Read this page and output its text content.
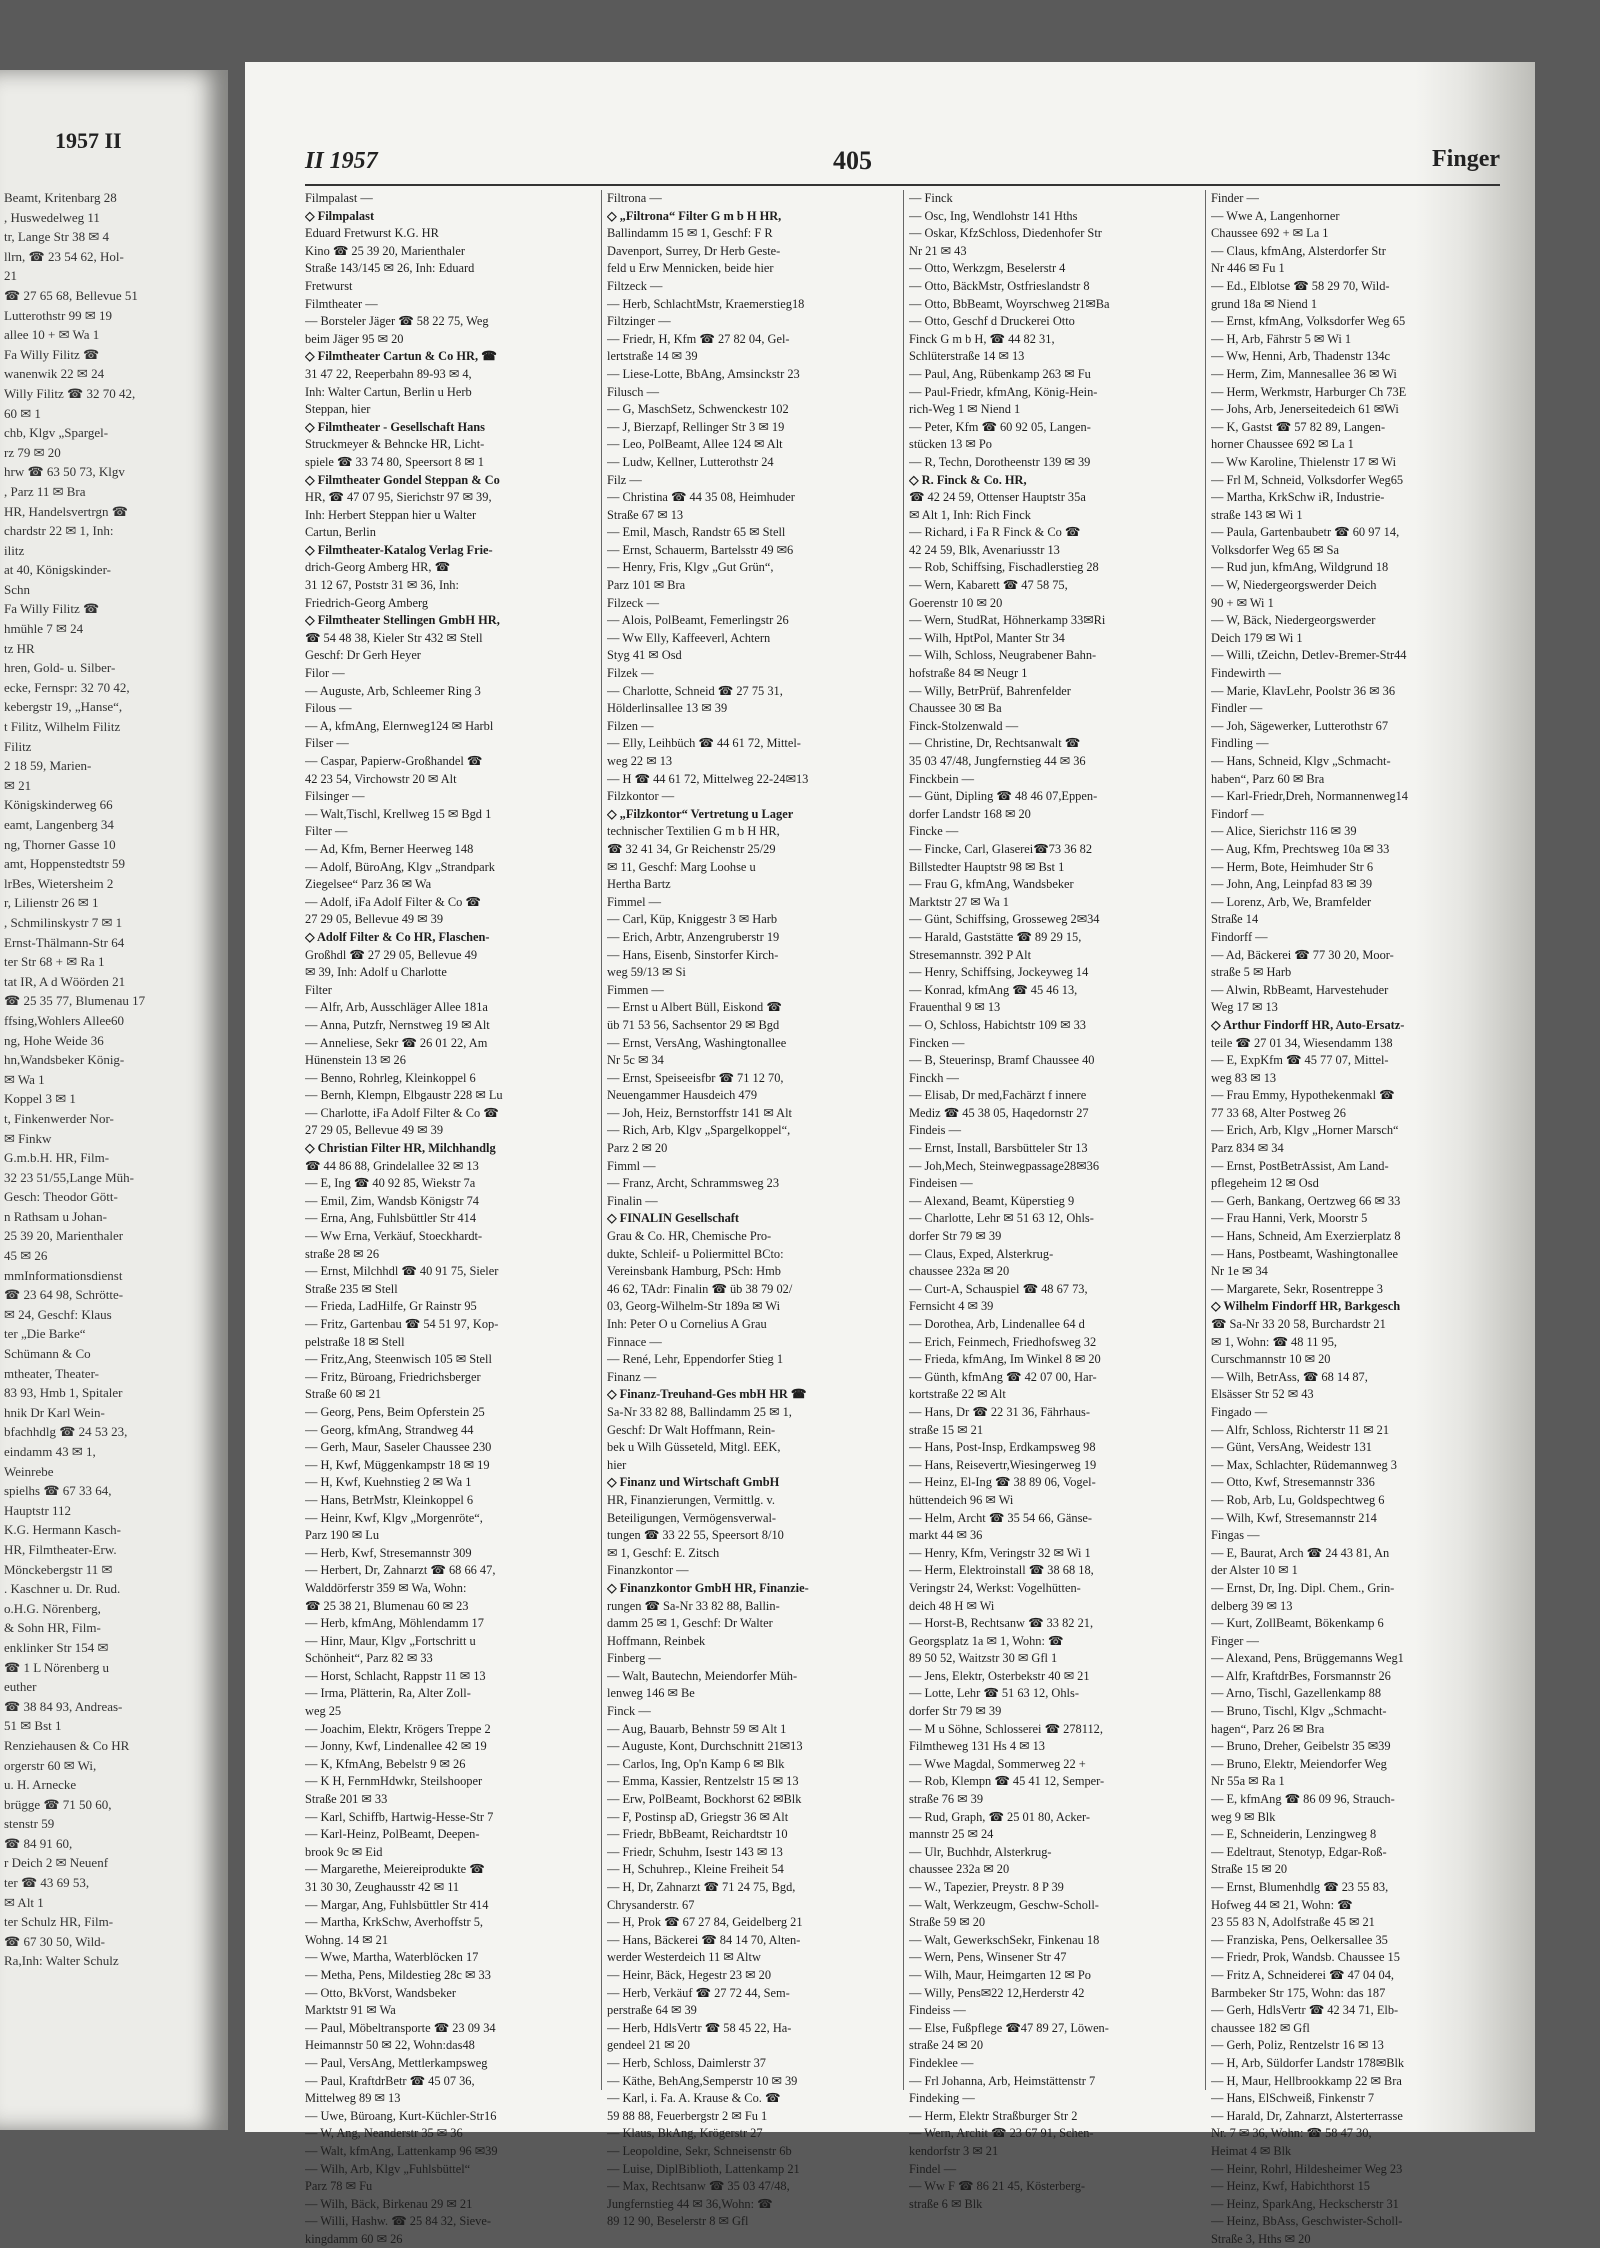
1957 II
Beamt, Kritenbarg 28
, Huswedelweg 11
tr, Lange Str 38 ✉ 4
llrn, ☎ 23 54 62, Hol-
21
☎ 27 65 68, Bellevue 51
Lutterothstr 99 ✉ 19
allee 10 + ✉ Wa 1
Fa Willy Filitz ☎
wanenwik 22 ✉ 24
Willy Filitz ☎ 32 70 42,
60 ✉ 1
chb, Klgv „Spargel-
rz 79 ✉ 20
hrw ☎ 63 50 73, Klgv
, Parz 11 ✉ Bra
HR, Handelsvertrgn ☎
chardstr 22 ✉ 1, Inh:
ilitz
at 40, Königskinder-
Schn
Fa Willy Filitz ☎
hmühle 7 ✉ 24
tz HR
hren, Gold- u. Silber-
ecke, Fernspr: 32 70 42,
kebergstr 19, „Hanse“,
t Filitz, Wilhelm Filitz
Filitz
2 18 59, Marien-
✉ 21
Königskinderweg 66
eamt, Langenberg 34
ng, Thorner Gasse 10
amt, Hoppenstedtstr 59
lrBes, Wietersheim 2
r, Lilienstr 26 ✉ 1
, Schmilinskystr 7 ✉ 1
Ernst-Thälmann-Str 64
ter Str 68 + ✉ Ra 1
tat IR, A d Wöörden 21
☎ 25 35 77, Blumenau 17
ffsing,Wohlers Allee60
ng, Hohe Weide 36
hn,Wandsbeker König-
✉ Wa 1
Koppel 3 ✉ 1
t, Finkenwerder Nor-
✉ Finkw
G.m.b.H. HR, Film-
32 23 51/55,Lange Müh-
Gesch: Theodor Gött-
n Rathsam u Johan-
25 39 20, Marienthaler
45 ✉ 26
mmInformationsdienst
☎ 23 64 98, Schrötte-
✉ 24, Geschf: Klaus
ter „Die Barke“
Schümann & Co
mtheater, Theater-
83 93, Hmb 1, Spitaler
hnik Dr Karl Wein-
bfachhdlg ☎ 24 53 23,
eindamm 43 ✉ 1,
Weinrebe
spielhs ☎ 67 33 64,
Hauptstr 112
K.G. Hermann Kasch-
HR, Filmtheater-Erw.
Mönckebergstr 11 ✉
. Kaschner u. Dr. Rud.
o.H.G. Nörenberg,
& Sohn HR, Film-
enklinker Str 154 ✉
☎ 1 L Nörenberg u
euther
☎ 38 84 93, Andreas-
51 ✉ Bst 1
Renziehausen & Co HR
orgerstr 60 ✉ Wi,
u. H. Arnecke
brügge ☎ 71 50 60,
stenstr 59
☎ 84 91 60,
r Deich 2 ✉ Neuenf
ter ☎ 43 69 53,
✉ Alt 1
ter Schulz HR, Film-
☎ 67 30 50, Wild-
Ra,Inh: Walter Schulz
II 1957	405	Finger
Filmpalast —
◇ Filmpalast
Eduard Fretwurst K.G. HR
Kino ☎ 25 39 20, Marienthaler
Straße 143/145 ✉ 26, Inh: Eduard
Fretwurst
Filmtheater —
— Borsteler Jäger ☎ 58 22 75, Weg
beim Jäger 95 ✉ 20
◇ Filmtheater Cartun & Co HR, ☎
31 47 22, Reeperbahn 89-93 ✉ 4,
Inh: Walter Cartun, Berlin u Herb
Steppan, hier
◇ Filmtheater - Gesellschaft Hans
Struckmeyer & Behncke HR, Licht-
spiele ☎ 33 74 80, Speersort 8 ✉ 1
◇ Filmtheater Gondel Steppan & Co
HR, ☎ 47 07 95, Sierichstr 97 ✉ 39,
Inh: Herbert Steppan hier u Walter
Cartun, Berlin
◇ Filmtheater-Katalog Verlag Frie-
drich-Georg Amberg HR, ☎
31 12 67, Poststr 31 ✉ 36, Inh:
Friedrich-Georg Amberg
◇ Filmtheater Stellingen GmbH HR,
☎ 54 48 38, Kieler Str 432 ✉ Stell
Geschf: Dr Gerh Heyer
Filor —
— Auguste, Arb, Schleemer Ring 3
Filous —
— A, kfmAng, Elernweg124 ✉ Harbl
Filser —
— Caspar, Papierw-Großhandel ☎
42 23 54, Virchowstr 20 ✉ Alt
Filsinger —
— Walt,Tischl, Krellweg 15 ✉ Bgd 1
Filter —
— Ad, Kfm, Berner Heerweg 148
— Adolf, BüroAng, Klgv „Strandpark
Ziegelsee“ Parz 36 ✉ Wa
— Adolf, iFa Adolf Filter & Co ☎
27 29 05, Bellevue 49 ✉ 39
◇ Adolf Filter & Co HR, Flaschen-
Großhdl ☎ 27 29 05, Bellevue 49
✉ 39, Inh: Adolf u Charlotte
Filter
— Alfr, Arb, Ausschläger Allee 181a
— Anna, Putzfr, Nernstweg 19 ✉ Alt
— Anneliese, Sekr ☎ 26 01 22, Am
Hünenstein 13 ✉ 26
— Benno, Rohrleg, Kleinkoppel 6
— Bernh, Klempn, Elbgaustr 228 ✉ Lu
— Charlotte, iFa Adolf Filter & Co ☎
27 29 05, Bellevue 49 ✉ 39
◇ Christian Filter HR, Milchhandlg
☎ 44 86 88, Grindelallee 32 ✉ 13
— E, Ing ☎ 40 92 85, Wiekstr 7a
— Emil, Zim, Wandsb Königstr 74
— Erna, Ang, Fuhlsbüttler Str 414
— Ww Erna, Verkäuf, Stoeckhardt-
straße 28 ✉ 26
— Ernst, Milchhdl ☎ 40 91 75, Sieler
Straße 235 ✉ Stell
— Frieda, LadHilfe, Gr Rainstr 95
— Fritz, Gartenbau ☎ 54 51 97, Kop-
pelstraße 18 ✉ Stell
— Fritz,Ang, Steenwisch 105 ✉ Stell
— Fritz, Büroang, Friedrichsberger
Straße 60 ✉ 21
— Georg, Pens, Beim Opferstein 25
— Georg, kfmAng, Strandweg 44
— Gerh, Maur, Saseler Chaussee 230
— H, Kwf, Müggenkampstr 18 ✉ 19
— H, Kwf, Kuehnstieg 2 ✉ Wa 1
— Hans, BetrMstr, Kleinkoppel 6
— Heinr, Kwf, Klgv „Morgenröte“,
Parz 190 ✉ Lu
— Herb, Kwf, Stresemannstr 309
— Herbert, Dr, Zahnarzt ☎ 68 66 47,
Walddörferstr 359 ✉ Wa, Wohn:
☎ 25 38 21, Blumenau 60 ✉ 23
— Herb, kfmAng, Möhlendamm 17
— Hinr, Maur, Klgv „Fortschritt u
Schönheit“, Parz 82 ✉ 33
— Horst, Schlacht, Rappstr 11 ✉ 13
— Irma, Plätterin, Ra, Alter Zoll-
weg 25
— Joachim, Elektr, Krögers Treppe 2
— Jonny, Kwf, Lindenallee 42 ✉ 19
— K, KfmAng, Bebelstr 9 ✉ 26
— K H, FernmHdwkr, Steilshooper
Straße 201 ✉ 33
— Karl, Schiffb, Hartwig-Hesse-Str 7
— Karl-Heinz, PolBeamt, Deepen-
brook 9c ✉ Eid
— Margarethe, Meiereiprodukte ☎
31 30 30, Zeughausstr 42 ✉ 11
— Margar, Ang, Fuhlsbüttler Str 414
— Martha, KrkSchw, Averhoffstr 5,
Wohng. 14 ✉ 21
— Wwe, Martha, Waterblöcken 17
— Metha, Pens, Mildestieg 28c ✉ 33
— Otto, BkVorst, Wandsbeker
Marktstr 91 ✉ Wa
— Paul, Möbeltransporte ☎ 23 09 34
Heimannstr 50 ✉ 22, Wohn:das48
— Paul, VersAng, Mettlerkampsweg
— Paul, KraftdrBetr ☎ 45 07 36,
Mittelweg 89 ✉ 13
— Uwe, Büroang, Kurt-Küchler-Str16
— W, Ang, Neanderstr 35 ✉ 36
— Walt, kfmAng, Lattenkamp 96 ✉39
— Wilh, Arb, Klgv „Fuhlsbüttel“
Parz 78 ✉ Fu
— Wilh, Bäck, Birkenau 29 ✉ 21
— Willi, Hashw. ☎ 25 84 32, Sieve-
kingdamm 60 ✉ 26
Filtrona —
◇ „Filtrona“ Filter G m b H HR,
Ballindamm 15 ✉ 1, Geschf: F R
Davenport, Surrey, Dr Herb Geste-
feld u Erw Mennicken, beide hier
Filtzeck —
— Herb, SchlachtMstr, Kraemerstieg18
Filtzinger —
— Friedr, H, Kfm ☎ 27 82 04, Gel-
lertstraße 14 ✉ 39
— Liese-Lotte, BbAng, Amsinckstr 23
Filusch —
— G, MaschSetz, Schwenckestr 102
— J, Bierzapf, Rellinger Str 3 ✉ 19
— Leo, PolBeamt, Allee 124 ✉ Alt
— Ludw, Kellner, Lutterothstr 24
Filz —
— Christina ☎ 44 35 08, Heimhuder
Straße 67 ✉ 13
— Emil, Masch, Randstr 65 ✉ Stell
— Ernst, Schauerm, Bartelsstr 49 ✉6
— Henry, Fris, Klgv „Gut Grün“,
Parz 101 ✉ Bra
Filzeck —
— Alois, PolBeamt, Femerlingstr 26
— Ww Elly, Kaffeeverl, Achtern
Styg 41 ✉ Osd
Filzek —
— Charlotte, Schneid ☎ 27 75 31,
Hölderlinsallee 13 ✉ 39
Filzen —
— Elly, Leihbüch ☎ 44 61 72, Mittel-
weg 22 ✉ 13
— H ☎ 44 61 72, Mittelweg 22-24✉13
Filzkontor —
◇ „Filzkontor“ Vertretung u Lager
technischer Textilien G m b H HR,
☎ 32 41 34, Gr Reichenstr 25/29
✉ 11, Geschf: Marg Loohse u
Hertha Bartz
Fimmel —
— Carl, Küp, Kniggestr 3 ✉ Harb
— Erich, Arbtr, Anzengruberstr 19
— Hans, Eisenb, Sinstorfer Kirch-
weg 59/13 ✉ Si
Fimmen —
— Ernst u Albert Büll, Eiskond ☎
üb 71 53 56, Sachsentor 29 ✉ Bgd
— Ernst, VersAng, Washingtonallee
Nr 5c ✉ 34
— Ernst, Speiseeisfbr ☎ 71 12 70,
Neuengammer Hausdeich 479
— Joh, Heiz, Bernstorffstr 141 ✉ Alt
— Rich, Arb, Klgv „Spargelkoppel“,
Parz 2 ✉ 20
Fimml —
— Franz, Archt, Schrammsweg 23
Finalin —
◇ FINALIN Gesellschaft
Grau & Co. HR, Chemische Pro-
dukte, Schleif- u Poliermittel BCto:
Vereinsbank Hamburg, PSch: Hmb
46 62, TAdr: Finalin ☎ üb 38 79 02/
03, Georg-Wilhelm-Str 189a ✉ Wi
Inh: Peter O u Cornelius A Grau
Finnace —
— René, Lehr, Eppendorfer Stieg 1
Finanz —
◇ Finanz-Treuhand-Ges mbH HR ☎
Sa-Nr 33 82 88, Ballindamm 25 ✉ 1,
Geschf: Dr Walt Hoffmann, Rein-
bek u Wilh Güsseteld, Mitgl. EEK,
hier
◇ Finanz und Wirtschaft GmbH
HR, Finanzierungen, Vermittlg. v.
Beteiligungen, Vermögensverwal-
tungen ☎ 33 22 55, Speersort 8/10
✉ 1, Geschf: E. Zitsch
Finanzkontor —
◇ Finanzkontor GmbH HR, Finanzie-
rungen ☎ Sa-Nr 33 82 88, Ballin-
damm 25 ✉ 1, Geschf: Dr Walter
Hoffmann, Reinbek
Finberg —
— Walt, Bautechn, Meiendorfer Müh-
lenweg 146 ✉ Be
Finck —
— Aug, Bauarb, Behnstr 59 ✉ Alt 1
— Auguste, Kont, Durchschnitt 21✉13
— Carlos, Ing, Op'n Kamp 6 ✉ Blk
— Emma, Kassier, Rentzelstr 15 ✉ 13
— Erw, PolBeamt, Bockhorst 62 ✉Blk
— F, Postinsp aD, Griegstr 36 ✉ Alt
— Friedr, BbBeamt, Reichardtstr 10
— Friedr, Schuhm, Isestr 143 ✉ 13
— H, Schuhrep., Kleine Freiheit 54
— H, Dr, Zahnarzt ☎ 71 24 75, Bgd,
Chrysanderstr. 67
— H, Prok ☎ 67 27 84, Geidelberg 21
— Hans, Bäckerei ☎ 84 14 70, Alten-
werder Westerdeich 11 ✉ Altw
— Heinr, Bäck, Hegestr 23 ✉ 20
— Herb, Verkäuf ☎ 27 72 44, Sem-
perstraße 64 ✉ 39
— Herb, HdlsVertr ☎ 58 45 22, Ha-
gendeel 21 ✉ 20
— Herb, Schloss, Daimlerstr 37
— Käthe, BehAng,Semperstr 10 ✉ 39
— Karl, i. Fa. A. Krause & Co. ☎
59 88 88, Feuerbergstr 2 ✉ Fu 1
— Klaus, BkAng, Krögerstr 27
— Leopoldine, Sekr, Schneisenstr 6b
— Luise, DiplBiblioth, Lattenkamp 21
— Max, Rechtsanw ☎ 35 03 47/48,
Jungfernstieg 44 ✉ 36,Wohn: ☎
89 12 90, Beselerstr 8 ✉ Gfl
— Finck
— Osc, Ing, Wendlohstr 141 Hths
— Oskar, KfzSchloss, Diedenhofer Str
Nr 21 ✉ 43
— Otto, Werkzgm, Beselerstr 4
— Otto, BäckMstr, Ostfrieslandstr 8
— Otto, BbBeamt, Woyrschweg 21✉Ba
— Otto, Geschf d Druckerei Otto
Finck G m b H, ☎ 44 82 31,
Schlüterstraße 14 ✉ 13
— Paul, Ang, Rübenkamp 263 ✉ Fu
— Paul-Friedr, kfmAng, König-Hein-
rich-Weg 1 ✉ Niend 1
— Peter, Kfm ☎ 60 92 05, Langen-
stücken 13 ✉ Po
— R, Techn, Dorotheenstr 139 ✉ 39
◇ R. Finck & Co. HR,
☎ 42 24 59, Ottenser Hauptstr 35a
✉ Alt 1, Inh: Rich Finck
— Richard, i Fa R Finck & Co ☎
42 24 59, Blk, Avenariusstr 13
— Rob, Schiffsing, Fischadlerstieg 28
— Wern, Kabarett ☎ 47 58 75,
Goerenstr 10 ✉ 20
— Wern, StudRat, Höhnerkamp 33✉Ri
— Wilh, HptPol, Manter Str 34
— Wilh, Schloss, Neugrabener Bahn-
hofstraße 84 ✉ Neugr 1
— Willy, BetrPrüf, Bahrenfelder
Chaussee 30 ✉ Ba
Finck-Stolzenwald —
— Christine, Dr, Rechtsanwalt ☎
35 03 47/48, Jungfernstieg 44 ✉ 36
Finckbein —
— Günt, Dipling ☎ 48 46 07,Eppen-
dorfer Landstr 168 ✉ 20
Fincke —
— Fincke, Carl, Glaserei☎73 36 82
Billstedter Hauptstr 98 ✉ Bst 1
— Frau G, kfmAng, Wandsbeker
Marktstr 27 ✉ Wa 1
— Günt, Schiffsing, Grosseweg 2✉34
— Harald, Gaststätte ☎ 89 29 15,
Stresemannstr. 392 P Alt
— Henry, Schiffsing, Jockeyweg 14
— Konrad, kfmAng ☎ 45 46 13,
Frauenthal 9 ✉ 13
— O, Schloss, Habichtstr 109 ✉ 33
Fincken —
— B, Steuerinsp, Bramf Chaussee 40
Finckh —
— Elisab, Dr med,Fachärzt f innere
Mediz ☎ 45 38 05, Haqedornstr 27
Findeis —
— Ernst, Install, Barsbütteler Str 13
— Joh,Mech, Steinwegpassage28✉36
Findeisen —
— Alexand, Beamt, Küperstieg 9
— Charlotte, Lehr ✉ 51 63 12, Ohls-
dorfer Str 79 ✉ 39
— Claus, Exped, Alsterkrug-
chaussee 232a ✉ 20
— Curt-A, Schauspiel ☎ 48 67 73,
Fernsicht 4 ✉ 39
— Dorothea, Arb, Lindenallee 64 d
— Erich, Feinmech, Friedhofsweg 32
— Frieda, kfmAng, Im Winkel 8 ✉ 20
— Günth, kfmAng ☎ 42 07 00, Har-
kortstraße 22 ✉ Alt
— Hans, Dr ☎ 22 31 36, Fährhaus-
straße 15 ✉ 21
— Hans, Post-Insp, Erdkampsweg 98
— Hans, Reisevertr,Wiesingerweg 19
— Heinz, El-Ing ☎ 38 89 06, Vogel-
hüttendeich 96 ✉ Wi
— Helm, Archt ☎ 35 54 66, Gänse-
markt 44 ✉ 36
— Henry, Kfm, Veringstr 32 ✉ Wi 1
— Herm, Elektroinstall ☎ 38 68 18,
Veringstr 24, Werkst: Vogelhütten-
deich 48 H ✉ Wi
— Horst-B, Rechtsanw ☎ 33 82 21,
Georgsplatz 1a ✉ 1, Wohn: ☎
89 50 52, Waitzstr 30 ✉ Gfl 1
— Jens, Elektr, Osterbekstr 40 ✉ 21
— Lotte, Lehr ☎ 51 63 12, Ohls-
dorfer Str 79 ✉ 39
— M u Söhne, Schlosserei ☎ 278112,
Filmtheweg 131 Hs 4 ✉ 13
— Wwe Magdal, Sommerweg 22 +
— Rob, Klempn ☎ 45 41 12, Semper-
straße 76 ✉ 39
— Rud, Graph, ☎ 25 01 80, Acker-
mannstr 25 ✉ 24
— Ulr, Buchhdr, Alsterkrug-
chaussee 232a ✉ 20
— W., Tapezier, Preystr. 8 P 39
— Walt, Werkzeugm, Geschw-Scholl-
Straße 59 ✉ 20
— Walt, GewerkschSekr, Finkenau 18
— Wern, Pens, Winsener Str 47
— Wilh, Maur, Heimgarten 12 ✉ Po
— Willy, Pens✉22 12,Herderstr 42
Findeiss —
— Else, Fußpflege ☎47 89 27, Löwen-
straße 24 ✉ 20
Findeklee —
— Frl Johanna, Arb, Heimstättenstr 7
Findeking —
— Herm, Elektr Straßburger Str 2
— Wern, Archit ☎ 23 67 91, Schen-
kendorfstr 3 ✉ 21
Findel —
— Ww F ☎ 86 21 45, Kösterberg-
straße 6 ✉ Blk
Finder —
— Wwe A, Langenhorner
Chaussee 692 + ✉ La 1
— Claus, kfmAng, Alsterdorfer Str
Nr 446 ✉ Fu 1
— Ed., Elblotse ☎ 58 29 70, Wild-
grund 18a ✉ Niend 1
— Ernst, kfmAng, Volksdorfer Weg 65
— H, Arb, Fährstr 5 ✉ Wi 1
— Ww, Henni, Arb, Thadenstr 134c
— Herm, Zim, Mannesallee 36 ✉ Wi
— Herm, Werkmstr, Harburger Ch 73E
— Johs, Arb, Jenerseitedeich 61 ✉Wi
— K, Gastst ☎ 57 82 89, Langen-
horner Chaussee 692 ✉ La 1
— Ww Karoline, Thielenstr 17 ✉ Wi
— Frl M, Schneid, Volksdorfer Weg65
— Martha, KrkSchw iR, Industrie-
straße 143 ✉ Wi 1
— Paula, Gartenbaubetr ☎ 60 97 14,
Volksdorfer Weg 65 ✉ Sa
— Rud jun, kfmAng, Wildgrund 18
— W, Niedergeorgswerder Deich
90 + ✉ Wi 1
— W, Bäck, Niedergeorgswerder
Deich 179 ✉ Wi 1
— Willi, tZeichn, Detlev-Bremer-Str44
Findewirth —
— Marie, KlavLehr, Poolstr 36 ✉ 36
Findler —
— Joh, Sägewerker, Lutterothstr 67
Findling —
— Hans, Schneid, Klgv „Schmacht-
haben“, Parz 60 ✉ Bra
— Karl-Friedr,Dreh, Normannenweg14
Findorf —
— Alice, Sierichstr 116 ✉ 39
— Aug, Kfm, Prechtsweg 10a ✉ 33
— Herm, Bote, Heimhuder Str 6
— John, Ang, Leinpfad 83 ✉ 39
— Lorenz, Arb, We, Bramfelder
Straße 14
Findorff —
— Ad, Bäckerei ☎ 77 30 20, Moor-
straße 5 ✉ Harb
— Alwin, RbBeamt, Harvestehuder
Weg 17 ✉ 13
◇ Arthur Findorff HR, Auto-Ersatz-
teile ☎ 27 01 34, Wiesendamm 138
— E, ExpKfm ☎ 45 77 07, Mittel-
weg 83 ✉ 13
— Frau Emmy, Hypothekenmakl ☎
77 33 68, Alter Postweg 26
— Erich, Arb, Klgv „Horner Marsch“
Parz 834 ✉ 34
— Ernst, PostBetrAssist, Am Land-
pflegeheim 12 ✉ Osd
— Gerh, Bankang, Oertzweg 66 ✉ 33
— Frau Hanni, Verk, Moorstr 5
— Hans, Schneid, Am Exerzierplatz 8
— Hans, Postbeamt, Washingtonallee
Nr 1e ✉ 34
— Margarete, Sekr, Rosentreppe 3
◇ Wilhelm Findorff HR, Barkgesch
☎ Sa-Nr 33 20 58, Burchardstr 21
✉ 1, Wohn: ☎ 48 11 95,
Curschmannstr 10 ✉ 20
— Wilh, BetrAss, ☎ 68 14 87,
Elsässer Str 52 ✉ 43
Fingado —
— Alfr, Schloss, Richterstr 11 ✉ 21
— Günt, VersAng, Weidestr 131
— Max, Schlachter, Rüdemannweg 3
— Otto, Kwf, Stresemannstr 336
— Rob, Arb, Lu, Goldspechtweg 6
— Wilh, Kwf, Stresemannstr 214
Fingas —
— E, Baurat, Arch ☎ 24 43 81, An
der Alster 10 ✉ 1
— Ernst, Dr, Ing. Dipl. Chem., Grin-
delberg 39 ✉ 13
— Kurt, ZollBeamt, Bökenkamp 6
Finger —
— Alexand, Pens, Brüggemanns Weg1
— Alfr, KraftdrBes, Forsmannstr 26
— Arno, Tischl, Gazellenkamp 88
— Bruno, Tischl, Klgv „Schmacht-
hagen“, Parz 26 ✉ Bra
— Bruno, Dreher, Geibelstr 35 ✉39
— Bruno, Elektr, Meiendorfer Weg
Nr 55a ✉ Ra 1
— E, kfmAng ☎ 86 09 96, Strauch-
weg 9 ✉ Blk
— E, Schneiderin, Lenzingweg 8
— Edeltraut, Stenotyp, Edgar-Roß-
Straße 15 ✉ 20
— Ernst, Blumenhdlg ☎ 23 55 83,
Hofweg 44 ✉ 21, Wohn: ☎
23 55 83 N, Adolfstraße 45 ✉ 21
— Franziska, Pens, Oelkersallee 35
— Friedr, Prok, Wandsb. Chaussee 15
— Fritz A, Schneiderei ☎ 47 04 04,
Barmbeker Str 175, Wohn: das 187
— Gerh, HdlsVertr ☎ 42 34 71, Elb-
chaussee 182 ✉ Gfl
— Gerh, Poliz, Rentzelstr 16 ✉ 13
— H, Arb, Süldorfer Landstr 178✉Blk
— H, Maur, Hellbrookkamp 22 ✉ Bra
— Hans, ElSchweiß, Finkenstr 7
— Harald, Dr, Zahnarzt, Alsterterrasse
Nr. 7 ✉ 36, Wohn: ☎ 58 47 30,
Heimat 4 ✉ Blk
— Heinr, Rohrl, Hildesheimer Weg 23
— Heinz, Kwf, Habichthorst 15
— Heinz, SparkAng, Heckscherstr 31
— Heinz, BbAss, Geschwister-Scholl-
Straße 3, Hths ✉ 20
